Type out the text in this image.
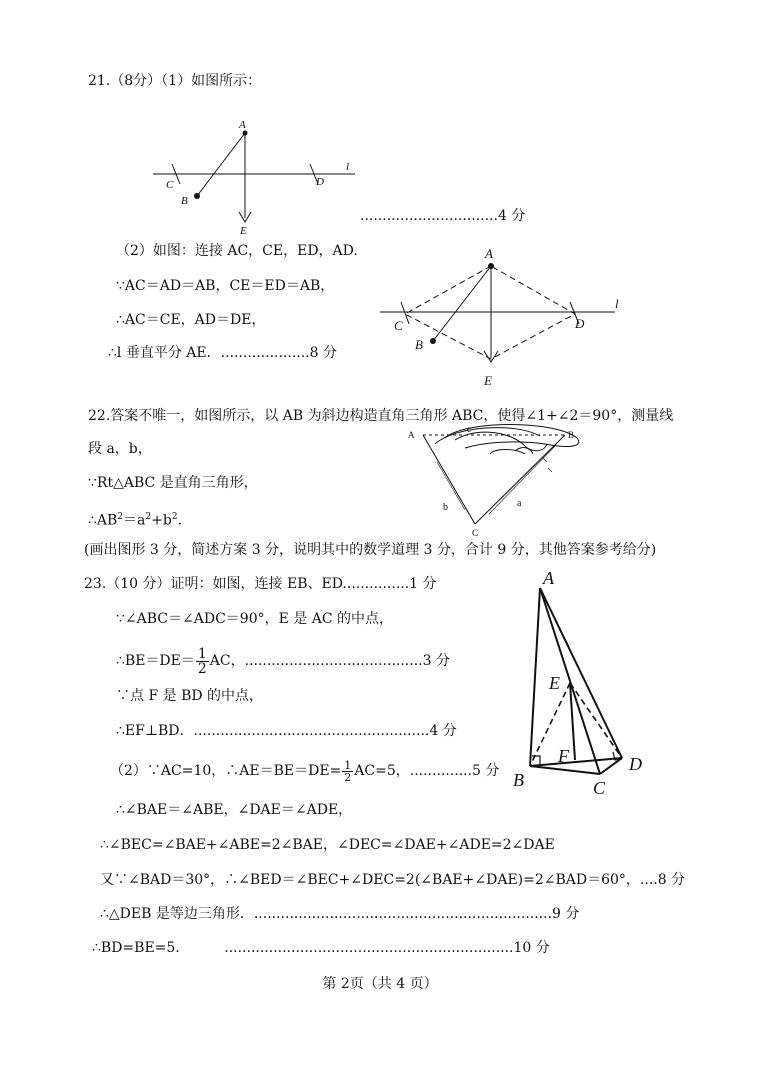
21.（8分）（1）如图所示：
A
C
B
D
E
l
...............................4 分
（2）如图：连接 AC，CE，ED，AD.
∵AC＝AD＝AB，CE＝ED＝AB，
∴AC＝CE，AD＝DE，
∴l 垂直平分 AE．....................8 分
A
C
B
D
E
l
22.答案不唯一，如图所示，以 AB 为斜边构造直角三角形 ABC，使得∠1+∠2＝90°，测量线
段 a，b，
∵Rt△ABC 是直角三角形，
$\therefore AB^2=a^2+b^2$.
(画出图形 3 分，简述方案 3 分，说明其中的数学道理 3 分，合计 9 分，其他答案参考给分)
A	B
C
a
b
c
23.（10 分）证明：如图，连接 EB、ED...............1 分
∵∠ABC＝∠ADC＝90°，E 是 AC 的中点，
∴BE＝DE＝ $\frac{1}{2}$ AC，........................................3 分
∵点 F 是 BD 的中点，
∴EF⊥BD．.....................................................4 分
（2）∵AC=10，∴AE＝BE＝DE= $\frac{1}{2} AC=5$，..............5 分
∴∠BAE＝∠ABE，∠DAE＝∠ADE，
∴∠BEC=∠BAE+∠ABE=2∠BAE，∠DEC=∠DAE+∠ADE=2∠DAE
又∵∠BAD＝30°，∴∠BED＝∠BEC+∠DEC=2(∠BAE+∠DAE)=2∠BAD＝60°，....8 分
∴△DEB 是等边三角形．...................................................................9 分
∴BD=BE=5.          .................................................................10 分
A
E
F
B	C
D
第 2页（共 4 页）
